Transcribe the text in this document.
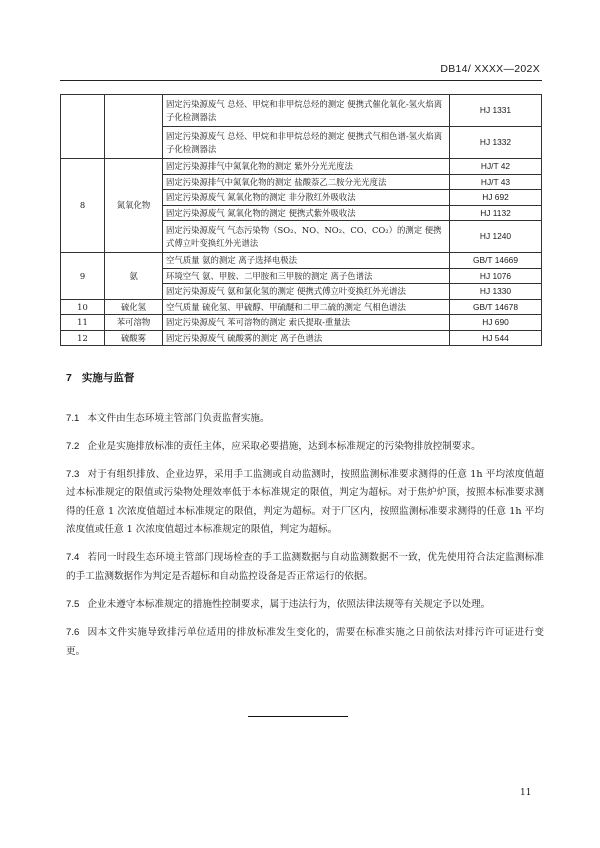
DB14/ XXXX—202X
		固定污染源废气 总烃、甲烷和非甲烷总烃的测定 便携式催化氧化-氢火焰离子化检测器法	HJ 1331
		固定污染源废气 总烃、甲烷和非甲烷总烃的测定 便携式气相色谱-氢火焰离子化检测器法	HJ 1332
8	氮氧化物	固定污染源排气中氮氧化物的测定 紫外分光光度法	HJ/T 42
		固定污染源排气中氮氧化物的测定 盐酸萘乙二胺分光光度法	HJ/T 43
		固定污染源废气 氮氧化物的测定 非分散红外吸收法	HJ 692
		固定污染源废气 氮氧化物的测定 便携式紫外吸收法	HJ 1132
		固定污染源废气 气态污染物（SO₂、NO、NO₂、CO、CO₂）的测定 便携式傅立叶变换红外光谱法	HJ 1240
9	氨	空气质量 氨的测定 离子选择电极法	GB/T 14669
		环境空气 氨、甲胺、二甲胺和三甲胺的测定 离子色谱法	HJ 1076
		固定污染源废气 氨和氯化氢的测定 便携式傅立叶变换红外光谱法	HJ 1330
10	硫化氢	空气质量 硫化氢、甲硫醇、甲硫醚和二甲二硫的测定 气相色谱法	GB/T 14678
11	苯可溶物	固定污染源废气 苯可溶物的测定 索氏提取-重量法	HJ 690
12	硫酸雾	固定污染源废气 硫酸雾的测定 离子色谱法	HJ 544
7 实施与监督

7.1 本文件由生态环境主管部门负责监督实施。

7.2 企业是实施排放标准的责任主体，应采取必要措施，达到本标准规定的污染物排放控制要求。

7.3 对于有组织排放、企业边界，采用手工监测或自动监测时，按照监测标准要求测得的任意 1h 平均浓度值超过本标准规定的限值或污染物处理效率低于本标准规定的限值，判定为超标。对于焦炉炉顶，按照本标准要求测得的任意 1 次浓度值超过本标准规定的限值，判定为超标。对于厂区内，按照监测标准要求测得的任意 1h 平均浓度值或任意 1 次浓度值超过本标准规定的限值，判定为超标。

7.4 若同一时段生态环境主管部门现场检查的手工监测数据与自动监测数据不一致，优先使用符合法定监测标准的手工监测数据作为判定是否超标和自动监控设备是否正常运行的依据。

7.5 企业未遵守本标准规定的措施性控制要求，属于违法行为，依照法律法规等有关规定予以处理。

7.6 因本文件实施导致排污单位适用的排放标准发生变化的，需要在标准实施之日前依法对排污许可证进行变更。

11
